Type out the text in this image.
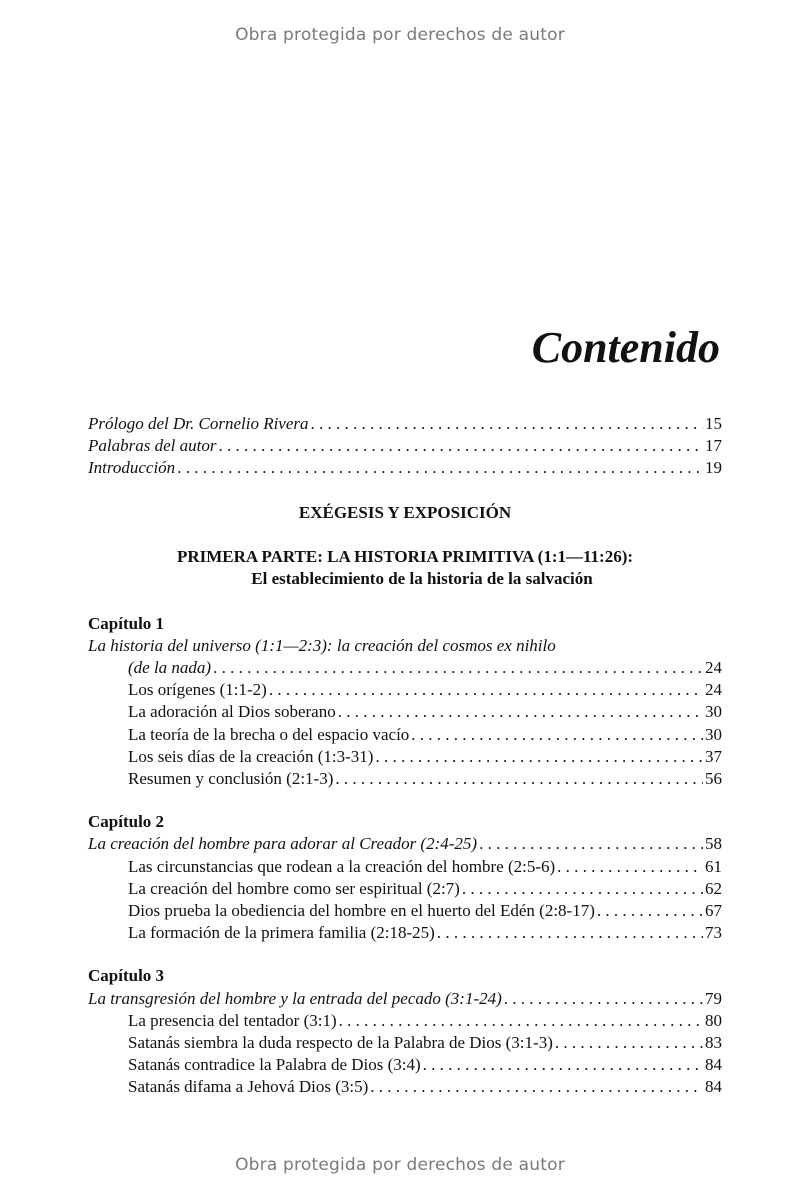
Obra protegida por derechos de autor
Contenido
Prólogo del Dr. Cornelio Rivera . . .	15
Palabras del autor . . .	17
Introducción . . .	19
EXÉGESIS Y EXPOSICIÓN
PRIMERA PARTE: LA HISTORIA PRIMITIVA (1:1—11:26):
El establecimiento de la historia de la salvación
Capítulo 1
La historia del universo (1:1—2:3): la creación del cosmos ex nihilo
(de la nada) . . .	24
Los orígenes (1:1-2) . . .	24
La adoración al Dios soberano . . .	30
La teoría de la brecha o del espacio vacío . . .	30
Los seis días de la creación (1:3-31) . . .	37
Resumen y conclusión (2:1-3) . . .	56
Capítulo 2
La creación del hombre para adorar al Creador (2:4-25) . . .	58
Las circunstancias que rodean a la creación del hombre (2:5-6) . . .	61
La creación del hombre como ser espiritual (2:7) . . .	62
Dios prueba la obediencia del hombre en el huerto del Edén (2:8-17) . . .	67
La formación de la primera familia (2:18-25) . . .	73
Capítulo 3
La transgresión del hombre y la entrada del pecado (3:1-24) . . .	79
La presencia del tentador (3:1) . . .	80
Satanás siembra la duda respecto de la Palabra de Dios (3:1-3) . . .	83
Satanás contradice la Palabra de Dios (3:4) . . .	84
Satanás difama a Jehová Dios (3:5) . . .	84
Obra protegida por derechos de autor
